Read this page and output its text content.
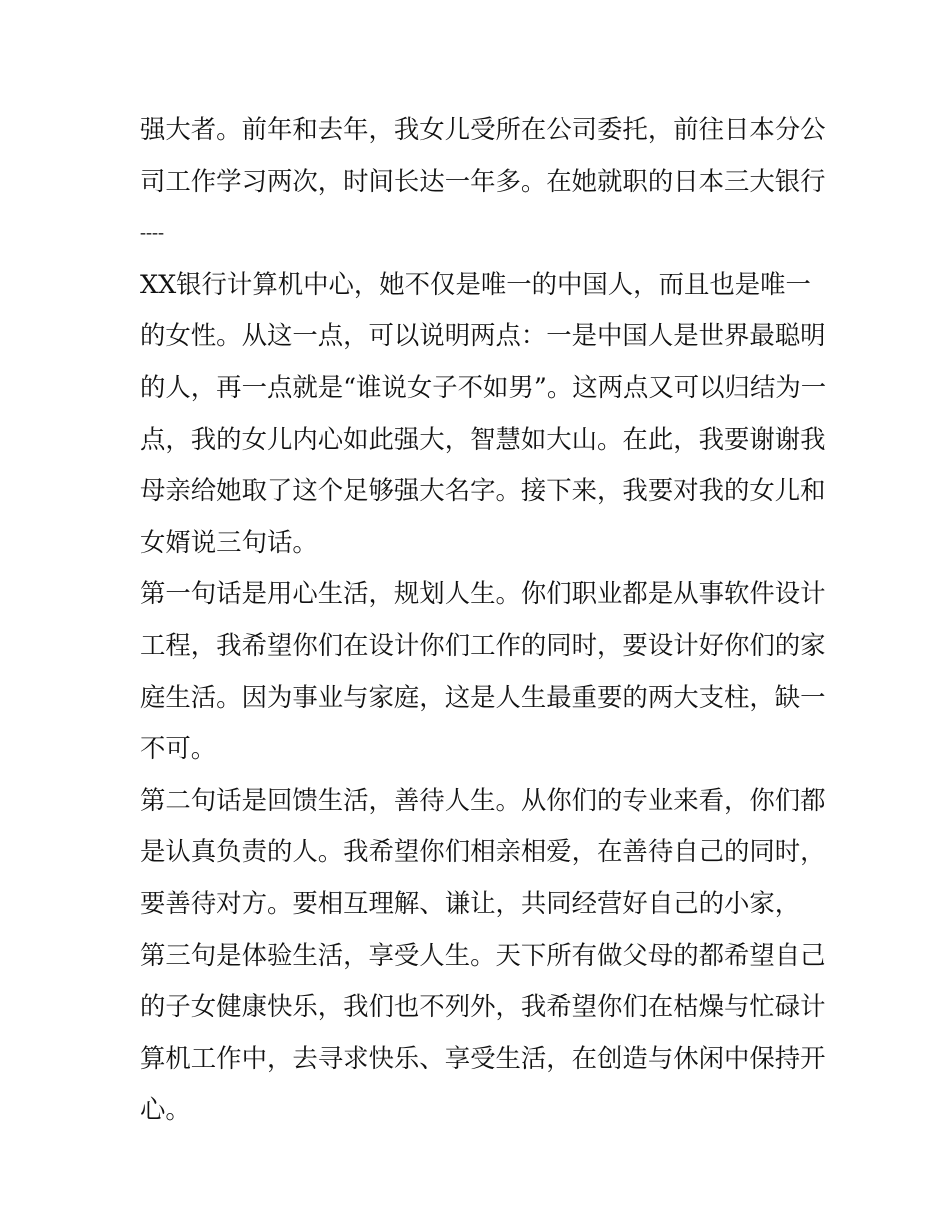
强大者。前年和去年，我女儿受所在公司委托，前往日本分公
司工作学习两次，时间长达一年多。在她就职的日本三大银行
----
XX银行计算机中心，她不仅是唯一的中国人，而且也是唯一
的女性。从这一点，可以说明两点：一是中国人是世界最聪明
的人，再一点就是“谁说女子不如男”。这两点又可以归结为一
点，我的女儿内心如此强大，智慧如大山。在此，我要谢谢我
母亲给她取了这个足够强大名字。接下来，我要对我的女儿和
女婿说三句话。
第一句话是用心生活，规划人生。你们职业都是从事软件设计
工程，我希望你们在设计你们工作的同时，要设计好你们的家
庭生活。因为事业与家庭，这是人生最重要的两大支柱，缺一
不可。
第二句话是回馈生活，善待人生。从你们的专业来看，你们都
是认真负责的人。我希望你们相亲相爱，在善待自己的同时，
要善待对方。要相互理解、谦让，共同经营好自己的小家，
第三句是体验生活，享受人生。天下所有做父母的都希望自己
的子女健康快乐，我们也不列外，我希望你们在枯燥与忙碌计
算机工作中，去寻求快乐、享受生活，在创造与休闲中保持开
心。
